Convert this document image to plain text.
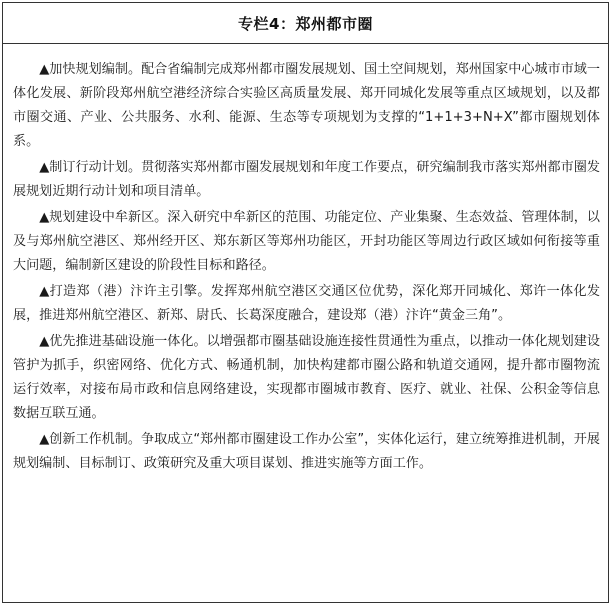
专栏4：郑州都市圈

▲加快规划编制。配合省编制完成郑州都市圈发展规划、国土空间规划，郑州国家中心城市市域一体化发展、新阶段郑州航空港经济综合实验区高质量发展、郑开同城化发展等重点区域规划，以及都市圈交通、产业、公共服务、水利、能源、生态等专项规划为支撑的“1+1+3+N+X”都市圈规划体系。

▲制订行动计划。贯彻落实郑州都市圈发展规划和年度工作要点，研究编制我市落实郑州都市圈发展规划近期行动计划和项目清单。

▲规划建设中牟新区。深入研究中牟新区的范围、功能定位、产业集聚、生态效益、管理体制，以及与郑州航空港区、郑州经开区、郑东新区等郑州功能区，开封功能区等周边行政区域如何衔接等重大问题，编制新区建设的阶段性目标和路径。

▲打造郑（港）汴许主引擎。发挥郑州航空港区交通区位优势，深化郑开同城化、郑许一体化发展，推进郑州航空港区、新郑、尉氏、长葛深度融合，建设郑（港）汴许“黄金三角”。

▲优先推进基础设施一体化。以增强都市圈基础设施连接性贯通性为重点，以推动一体化规划建设管护为抓手，织密网络、优化方式、畅通机制，加快构建都市圈公路和轨道交通网，提升都市圈物流运行效率，对接布局市政和信息网络建设，实现都市圈城市教育、医疗、就业、社保、公积金等信息数据互联互通。

▲创新工作机制。争取成立“郑州都市圈建设工作办公室”，实体化运行，建立统筹推进机制，开展规划编制、目标制订、政策研究及重大项目谋划、推进实施等方面工作。
